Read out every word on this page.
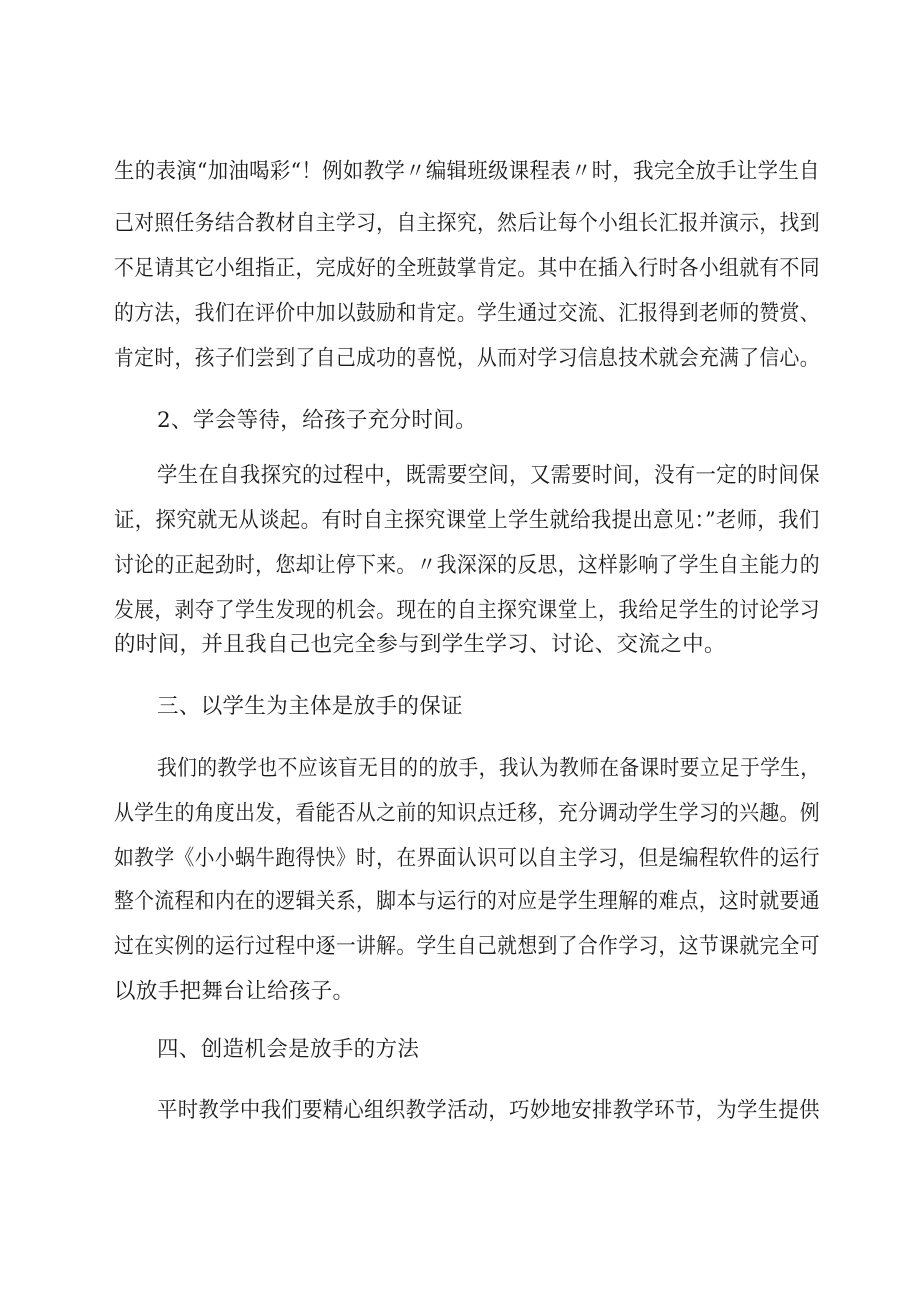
生的表演“加油喝彩“！例如教学〃编辑班级课程表〃时，我完全放手让学生自
己对照任务结合教材自主学习，自主探究，然后让每个小组长汇报并演示，找到
不足请其它小组指正，完成好的全班鼓掌肯定。其中在插入行时各小组就有不同
的方法，我们在评价中加以鼓励和肯定。学生通过交流、汇报得到老师的赞赏、
肯定时，孩子们尝到了自己成功的喜悦，从而对学习信息技术就会充满了信心。
2、学会等待，给孩子充分时间。
学生在自我探究的过程中，既需要空间，又需要时间，没有一定的时间保
证，探究就无从谈起。有时自主探究课堂上学生就给我提出意见：”老师，我们
讨论的正起劲时，您却让停下来。〃我深深的反思，这样影响了学生自主能力的
发展，剥夺了学生发现的机会。现在的自主探究课堂上，我给足学生的讨论学习
的时间，并且我自己也完全参与到学生学习、讨论、交流之中。
三、以学生为主体是放手的保证
我们的教学也不应该盲无目的的放手，我认为教师在备课时要立足于学生，
从学生的角度出发，看能否从之前的知识点迁移，充分调动学生学习的兴趣。例
如教学《小小蜗牛跑得快》时，在界面认识可以自主学习，但是编程软件的运行
整个流程和内在的逻辑关系，脚本与运行的对应是学生理解的难点，这时就要通
过在实例的运行过程中逐一讲解。学生自己就想到了合作学习，这节课就完全可
以放手把舞台让给孩子。
四、创造机会是放手的方法
平时教学中我们要精心组织教学活动，巧妙地安排教学环节，为学生提供
